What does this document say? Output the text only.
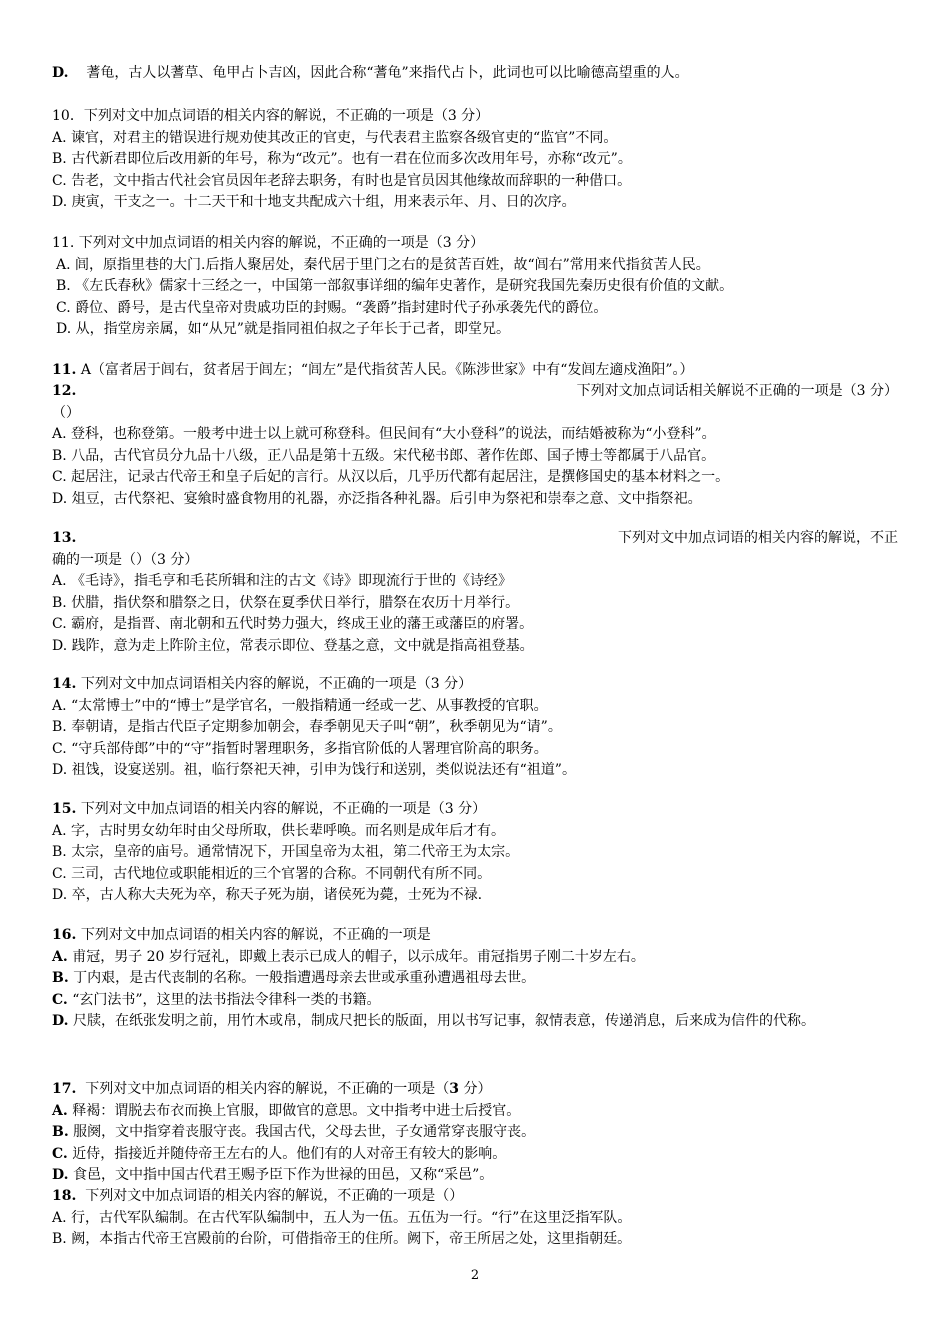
D. 蓍龟，古人以蓍草、龟甲占卜吉凶，因此合称“蓍龟”来指代占卜，此词也可以比喻德高望重的人。
10．下列对文中加点词语的相关内容的解说，不正确的一项是（3 分）
A. 谏官，对君主的错误进行规劝使其改正的官吏，与代表君主监察各级官吏的“监官”不同。
B. 古代新君即位后改用新的年号，称为“改元”。也有一君在位而多次改用年号，亦称“改元”。
C. 告老，文中指古代社会官员因年老辞去职务，有时也是官员因其他缘故而辞职的一种借口。
D. 庚寅，干支之一。十二天干和十地支共配成六十组，用来表示年、月、日的次序。
11. 下列对文中加点词语的相关内容的解说，不正确的一项是（3 分）
A. 闾，原指里巷的大门.后指人聚居处，秦代居于里门之右的是贫苦百姓，故“闾右”常用来代指贫苦人民。
B. 《左氏春秋》儒家十三经之一，中国第一部叙事详细的编年史著作，是研究我国先秦历史很有价值的文献。
C. 爵位、爵号，是古代皇帝对贵戚功臣的封赐。“袭爵”指封建时代子孙承袭先代的爵位。
D. 从，指堂房亲属，如“从兄”就是指同祖伯叔之子年长于己者，即堂兄。
11. A（富者居于闾右，贫者居于闾左；“闾左”是代指贫苦人民。《陈涉世家》中有“发闾左適戍渔阳”。）
12.	下列对文加点词话相关解说不正确的一项是（3 分）
（）
A. 登科，也称登第。一般考中进士以上就可称登科。但民间有“大小登科”的说法，而结婚被称为“小登科”。
B. 八品，古代官员分九品十八级，正八品是第十五级。宋代秘书郎、著作佐郎、国子博士等都属于八品官。
C. 起居注，记录古代帝王和皇子后妃的言行。从汉以后，几乎历代都有起居注，是撰修国史的基本材料之一。
D. 俎豆，古代祭祀、宴飨时盛食物用的礼器，亦泛指各种礼器。后引申为祭祀和崇奉之意、文中指祭祀。
13.	下列对文中加点词语的相关内容的解说，不正
确的一项是（）（3 分）
A. 《毛诗》，指毛亨和毛苌所辑和注的古文《诗》即现流行于世的《诗经》
B. 伏腊，指伏祭和腊祭之日，伏祭在夏季伏日举行，腊祭在农历十月举行。
C. 霸府，是指晋、南北朝和五代时势力强大，终成王业的藩王或藩臣的府署。
D. 践阼，意为走上阼阶主位，常表示即位、登基之意，文中就是指高祖登基。
14. 下列对文中加点词语相关内容的解说，不正确的一项是（3 分）
A. “太常博士”中的“博士”是学官名，一般指精通一经或一艺、从事教授的官职。
B. 奉朝请，是指古代臣子定期参加朝会，春季朝见天子叫“朝”，秋季朝见为“请”。
C. “守兵部侍郎”中的“守”指暂时署理职务，多指官阶低的人署理官阶高的职务。
D. 祖饯，设宴送别。祖，临行祭祀天神，引申为饯行和送别，类似说法还有“祖道”。
15. 下列对文中加点词语的相关内容的解说，不正确的一项是（3 分）
A. 字，古时男女幼年时由父母所取，供长辈呼唤。而名则是成年后才有。
B. 太宗，皇帝的庙号。通常情况下，开国皇帝为太祖，第二代帝王为太宗。
C. 三司，古代地位或职能相近的三个官署的合称。不同朝代有所不同。
D. 卒，古人称大夫死为卒，称天子死为崩，诸侯死为薨，士死为不禄.
16. 下列对文中加点词语的相关内容的解说，不正确的一项是
A. 甫冠，男子 20 岁行冠礼，即戴上表示已成人的帽子，以示成年。甫冠指男子刚二十岁左右。
B. 丁内艰，是古代丧制的名称。一般指遭遇母亲去世或承重孙遭遇祖母去世。
C. “玄门法书”，这里的法书指法令律科一类的书籍。
D. 尺牍，在纸张发明之前，用竹木或帛，制成尺把长的版面，用以书写记事，叙情表意，传递消息，后来成为信件的代称。
17. 下列对文中加点词语的相关内容的解说，不正确的一项是（3 分）
A. 释褐：谓脱去布衣而换上官服，即做官的意思。文中指考中进士后授官。
B. 服阕，文中指穿着丧服守丧。我国古代，父母去世，子女通常穿丧服守丧。
C. 近侍，指接近并随侍帝王左右的人。他们有的人对帝王有较大的影响。
D. 食邑，文中指中国古代君王赐予臣下作为世禄的田邑，又称“采邑”。
18. 下列对文中加点词语的相关内容的解说，不正确的一项是（）
A. 行，古代军队编制。在古代军队编制中，五人为一伍。五伍为一行。“行”在这里泛指军队。
B. 阙，本指古代帝王宫殿前的台阶，可借指帝王的住所。阙下，帝王所居之处，这里指朝廷。
2
